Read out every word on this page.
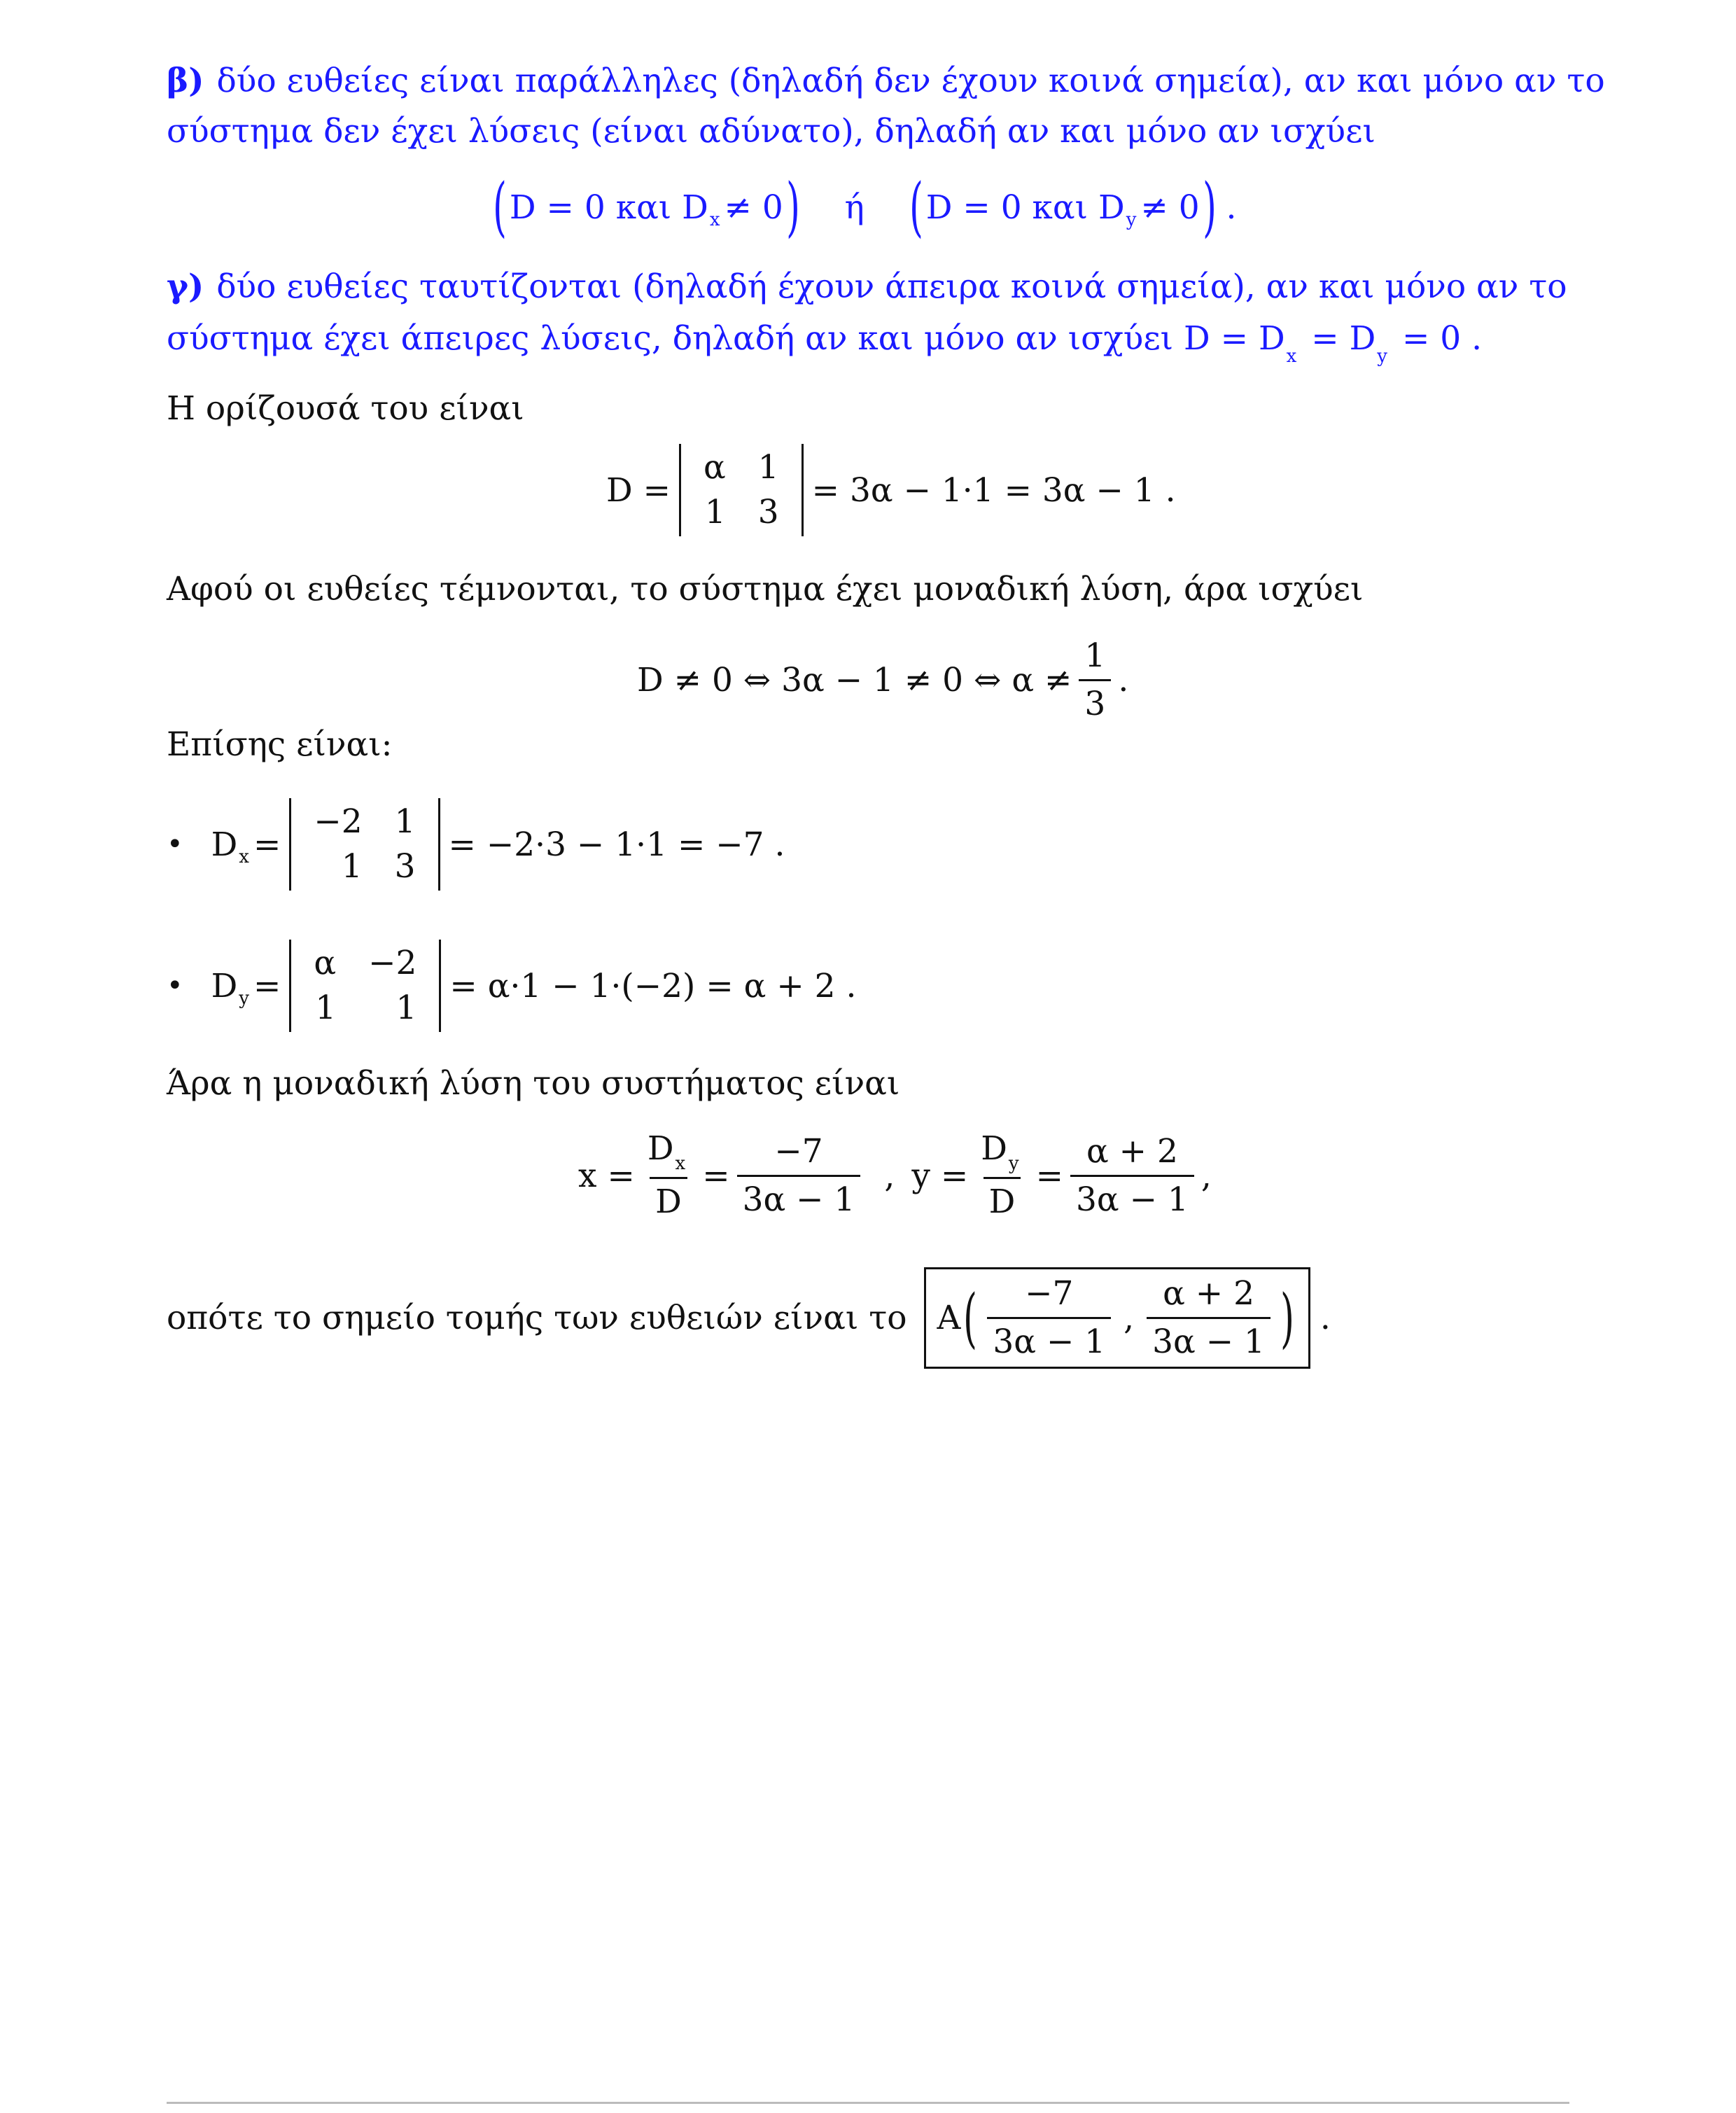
β) δύο ευθείες είναι παράλληλες (δηλαδή δεν έχουν κοινά σημεία), αν και μόνο αν το
σύστημα δεν έχει λύσεις (είναι αδύνατο), δηλαδή αν και μόνο αν ισχύει
( D = 0 και D x ≠ 0 ) ή ( D = 0 και D y ≠ 0 ) .
γ) δύο ευθείες ταυτίζονται (δηλαδή έχουν άπειρα κοινά σημεία), αν και μόνο αν το
σύστημα έχει άπειρες λύσεις, δηλαδή αν και μόνο αν ισχύει $D = D_x = D_y = 0$ .
Η ορίζουσά του είναι
D =
α 1
1 3
= 3α − 1·1 = 3α − 1 .
Αφού οι ευθείες τέμνονται, το σύστημα έχει μοναδική λύση, άρα ισχύει
D ≠ 0 ⇔ 3α − 1 ≠ 0 ⇔ $\alpha \ne \frac{1}{3}$ .
Επίσης είναι:
• D x =
−2 1
1 3
= −2·3 − 1·1 = −7 .
• D y =
α −2
1	1
= α·1 − 1·(−2) = α + 2 .
Άρα η μοναδική λύση του συστήματος είναι
$x = \frac{D_x}{D} = \frac{-7}{3\alpha - 1}$ , $y = \frac{D_y}{D} = \frac{\alpha + 2}{3\alpha - 1}$ ,
οπότε το σημείο τομής των ευθειών είναι το A ( $\frac{-7}{3\alpha - 1}$ , $\frac{\alpha + 2}{3\alpha - 1}$ ) .
